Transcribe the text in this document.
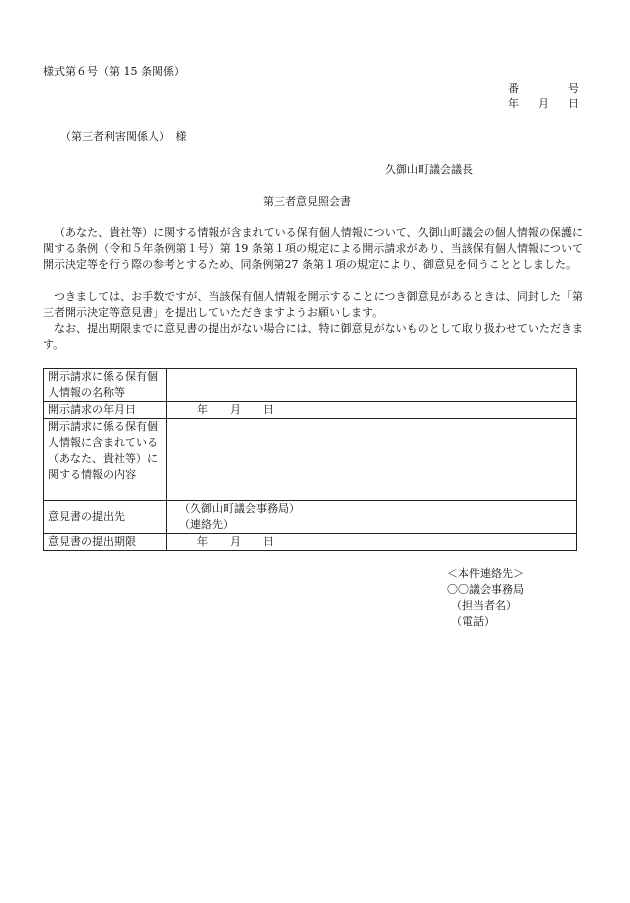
様式第６号（第 15 条関係）
番	号
年 月 日
（第三者利害関係人）　様
久御山町議会議長
第三者意見照会書
（あなた、貴社等）に関する情報が含まれている保有個人情報について、久御山町議会の個人情報の保護に関する条例（令和５年条例第１号）第 19 条第１項の規定による開示請求があり、当該保有個人情報について開示決定等を行う際の参考とするため、同条例第27 条第１項の規定により、御意見を伺うこととしました。
つきましては、お手数ですが、当該保有個人情報を開示することにつき御意見があるときは、同封した「第三者開示決定等意見書」を提出していただきますようお願いします。
なお、提出期限までに意見書の提出がない場合には、特に御意見がないものとして取り扱わせていただきます。
開示請求に係る保有個人情報の名称等	
開示請求の年月日	年　　月　　日
開示請求に係る保有個人情報に含まれている（あなた、貴社等）に関する情報の内容	
意見書の提出先	（久御山町議会事務局）
（連絡先）

意見書の提出期限	年　　月　　日
＜本件連絡先＞
〇〇議会事務局
（担当者名）
（電話）
